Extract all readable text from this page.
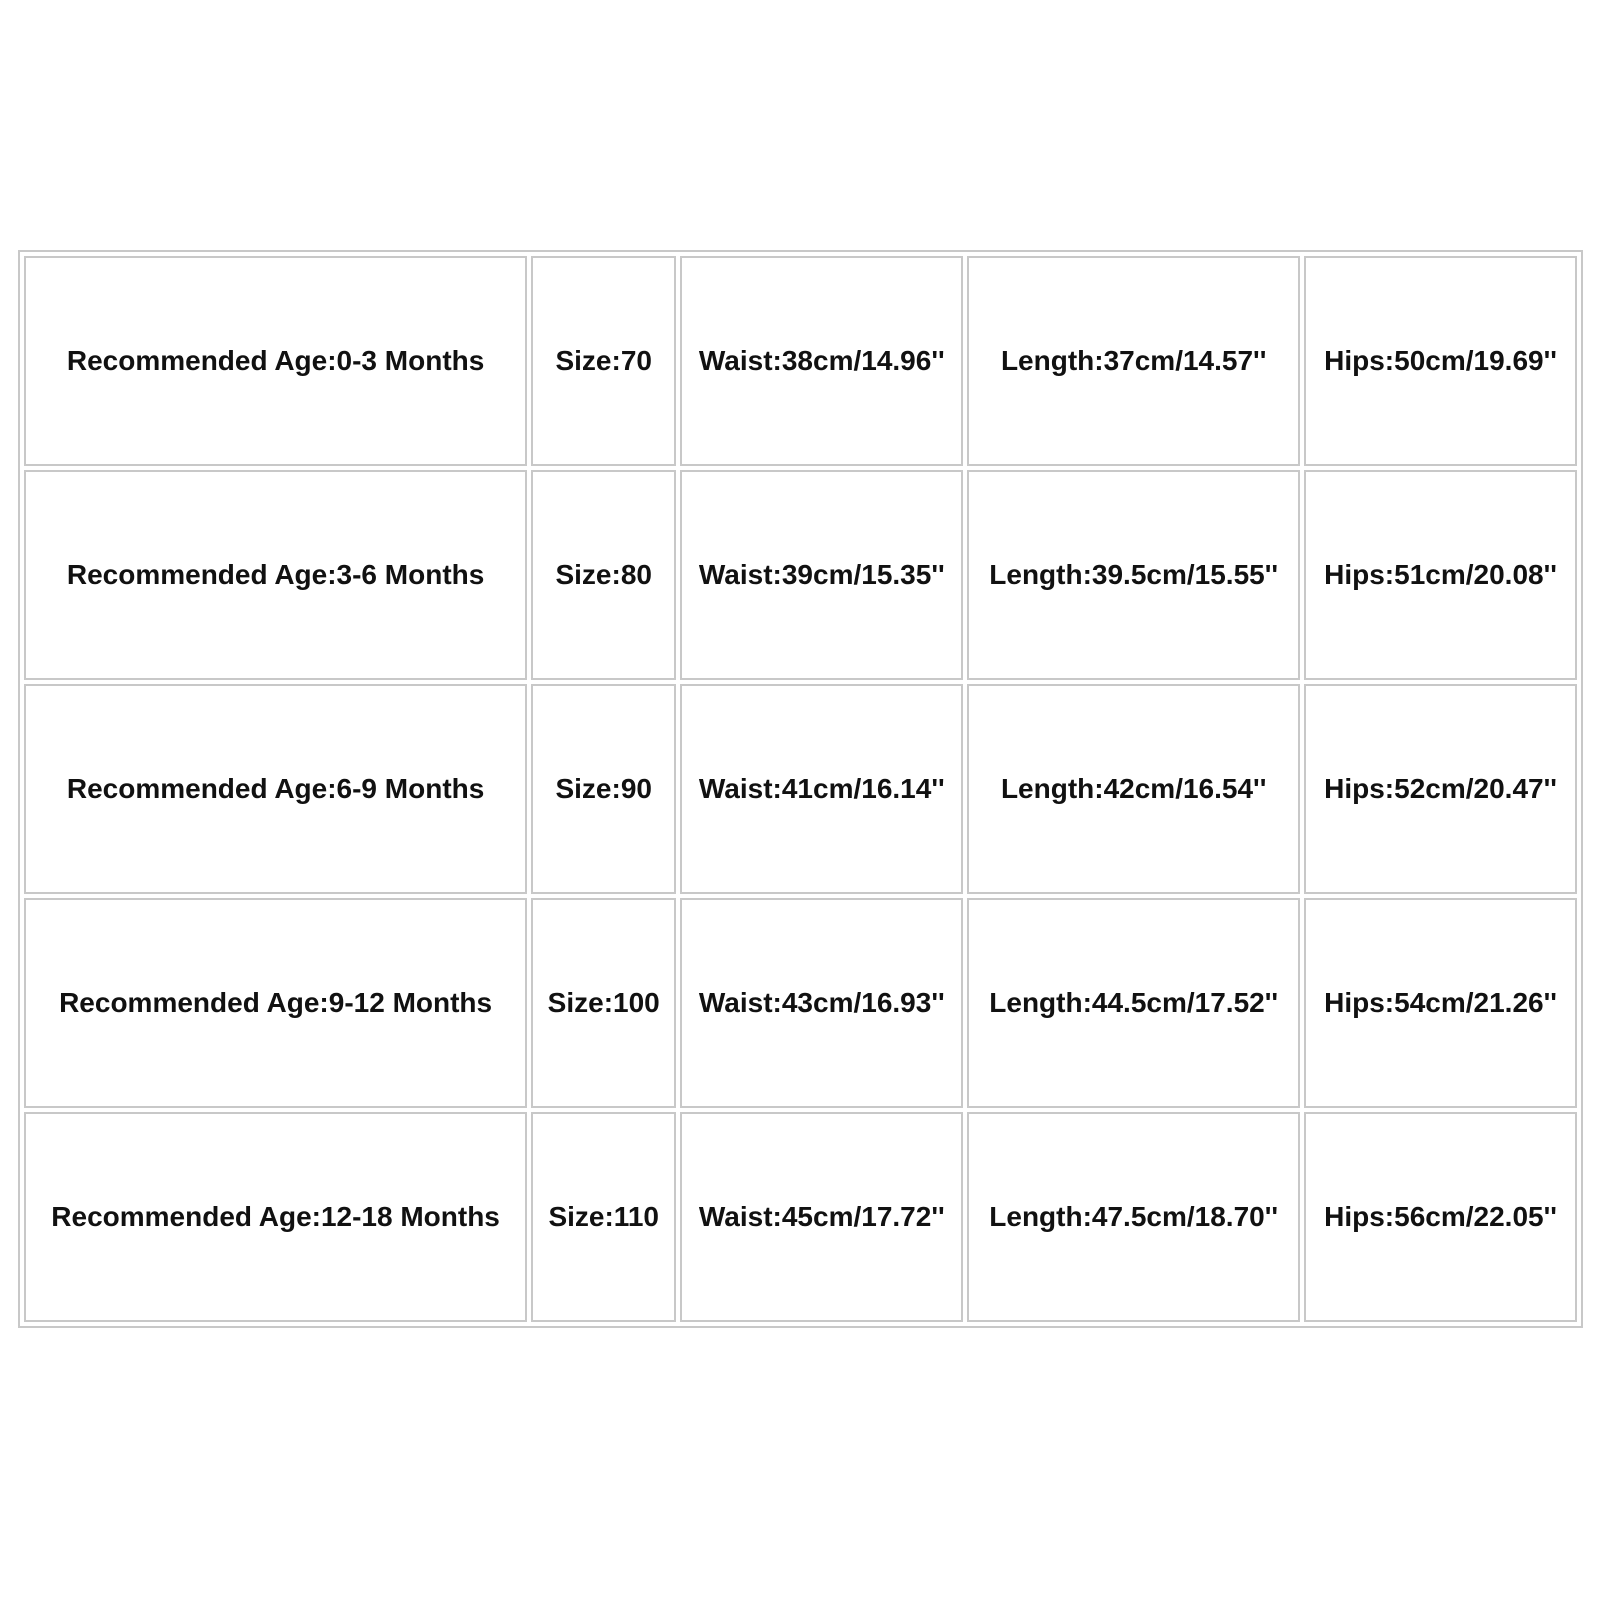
Recommended Age:0-3 Months	Size:70	Waist:38cm/14.96''	Length:37cm/14.57''	Hips:50cm/19.69''
Recommended Age:3-6 Months	Size:80	Waist:39cm/15.35''	Length:39.5cm/15.55''	Hips:51cm/20.08''
Recommended Age:6-9 Months	Size:90	Waist:41cm/16.14''	Length:42cm/16.54''	Hips:52cm/20.47''
Recommended Age:9-12 Months	Size:100	Waist:43cm/16.93''	Length:44.5cm/17.52''	Hips:54cm/21.26''
Recommended Age:12-18 Months	Size:110	Waist:45cm/17.72''	Length:47.5cm/18.70''	Hips:56cm/22.05''
